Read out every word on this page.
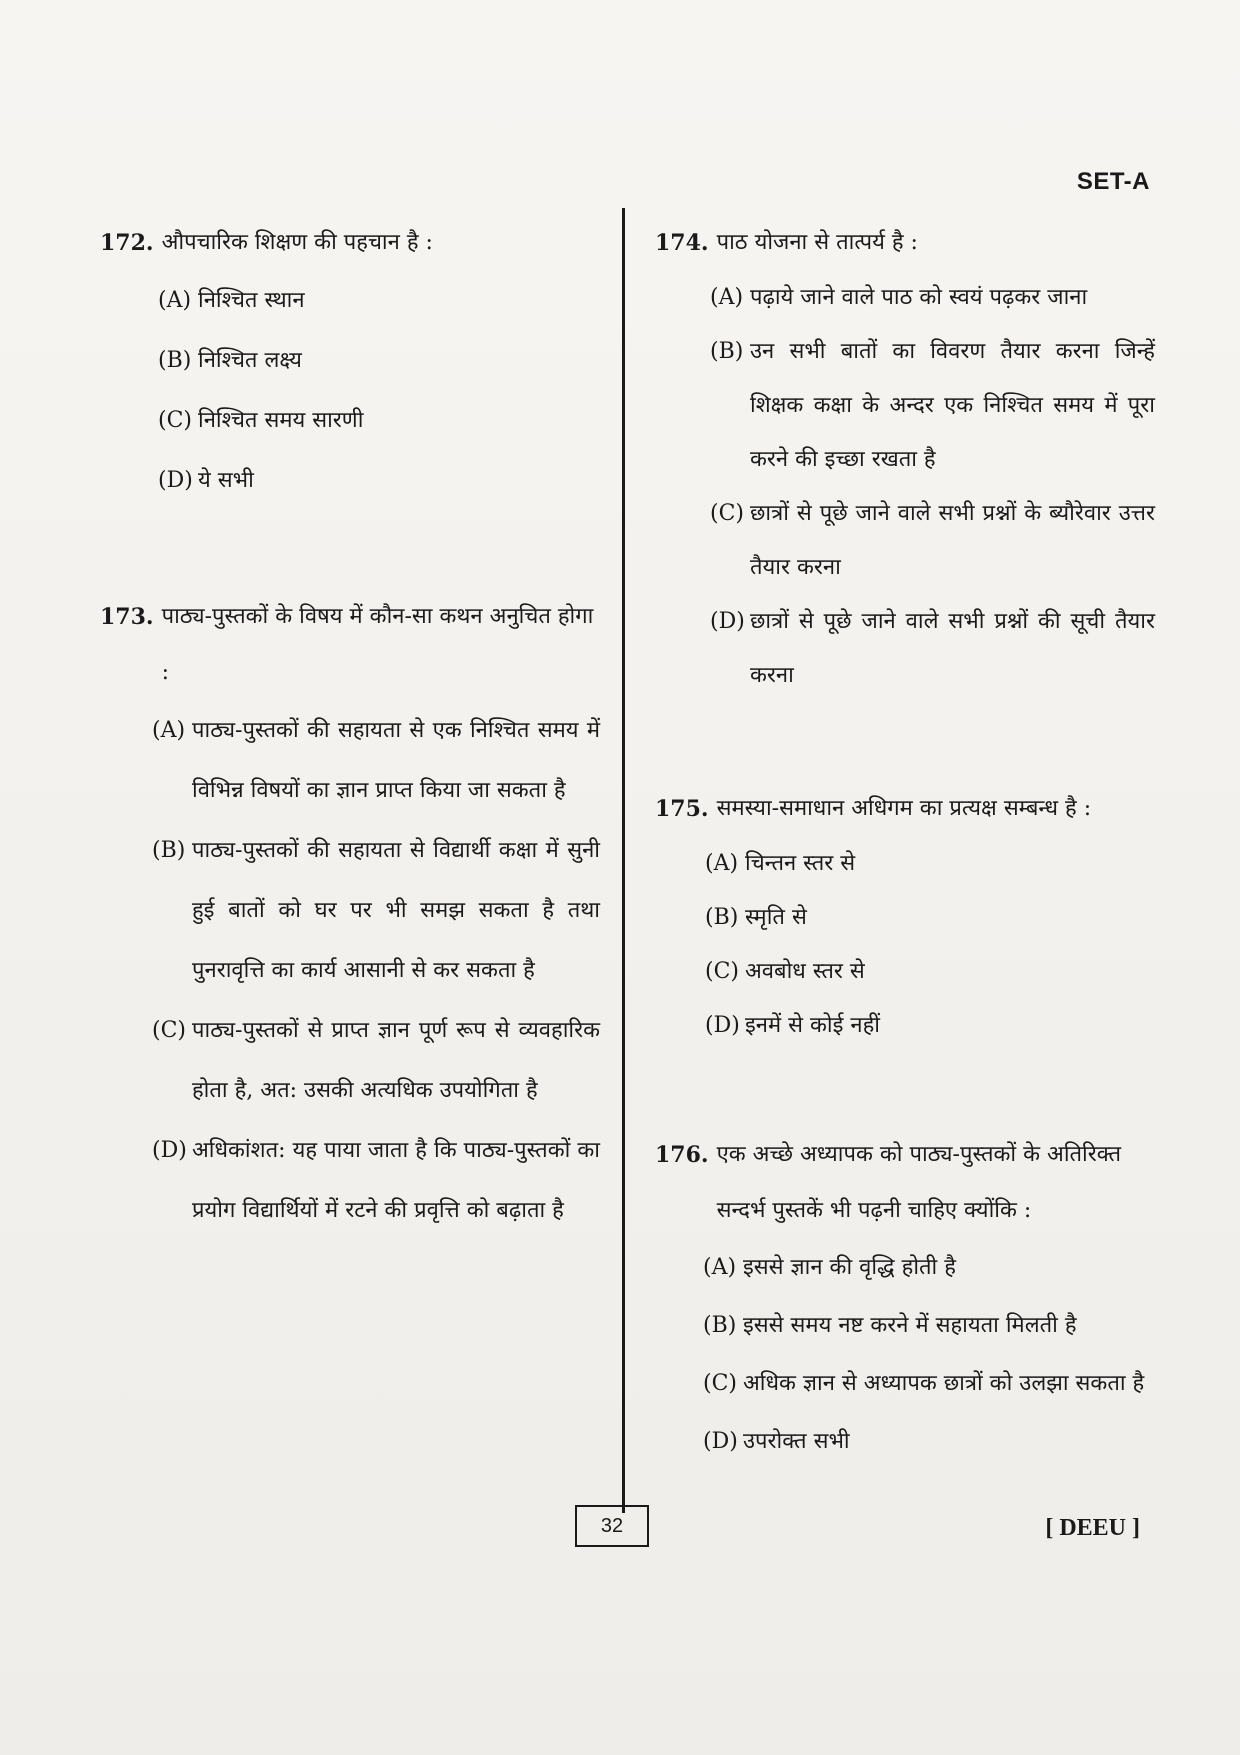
SET-A
172. औपचारिक शिक्षण की पहचान है :
(A) निश्चित स्थान
(B) निश्चित लक्ष्य
(C) निश्चित समय सारणी
(D) ये सभी
173. पाठ्य-पुस्तकों के विषय में कौन-सा कथन अनुचित होगा :
(A) पाठ्य-पुस्तकों की सहायता से एक निश्चित समय में विभिन्न विषयों का ज्ञान प्राप्त किया जा सकता है
(B) पाठ्य-पुस्तकों की सहायता से विद्यार्थी कक्षा में सुनी हुई बातों को घर पर भी समझ सकता है तथा पुनरावृत्ति का कार्य आसानी से कर सकता है
(C) पाठ्य-पुस्तकों से प्राप्त ज्ञान पूर्ण रूप से व्यवहारिक होता है, अत: उसकी अत्यधिक उपयोगिता है
(D) अधिकांशत: यह पाया जाता है कि पाठ्य-पुस्तकों का प्रयोग विद्यार्थियों में रटने की प्रवृत्ति को बढ़ाता है
174. पाठ योजना से तात्पर्य है :
(A) पढ़ाये जाने वाले पाठ को स्वयं पढ़कर जाना
(B) उन सभी बातों का विवरण तैयार करना जिन्हें शिक्षक कक्षा के अन्दर एक निश्चित समय में पूरा करने की इच्छा रखता है
(C) छात्रों से पूछे जाने वाले सभी प्रश्नों के ब्यौरेवार उत्तर तैयार करना
(D) छात्रों से पूछे जाने वाले सभी प्रश्नों की सूची तैयार करना
175. समस्या-समाधान अधिगम का प्रत्यक्ष सम्बन्ध है :
(A) चिन्तन स्तर से
(B) स्मृति से
(C) अवबोध स्तर से
(D) इनमें से कोई नहीं
176. एक अच्छे अध्यापक को पाठ्य-पुस्तकों के अतिरिक्त सन्दर्भ पुस्तकें भी पढ़नी चाहिए क्योंकि :
(A) इससे ज्ञान की वृद्धि होती है
(B) इससे समय नष्ट करने में सहायता मिलती है
(C) अधिक ज्ञान से अध्यापक छात्रों को उलझा सकता है
(D) उपरोक्त सभी
32	[ DEEU ]
